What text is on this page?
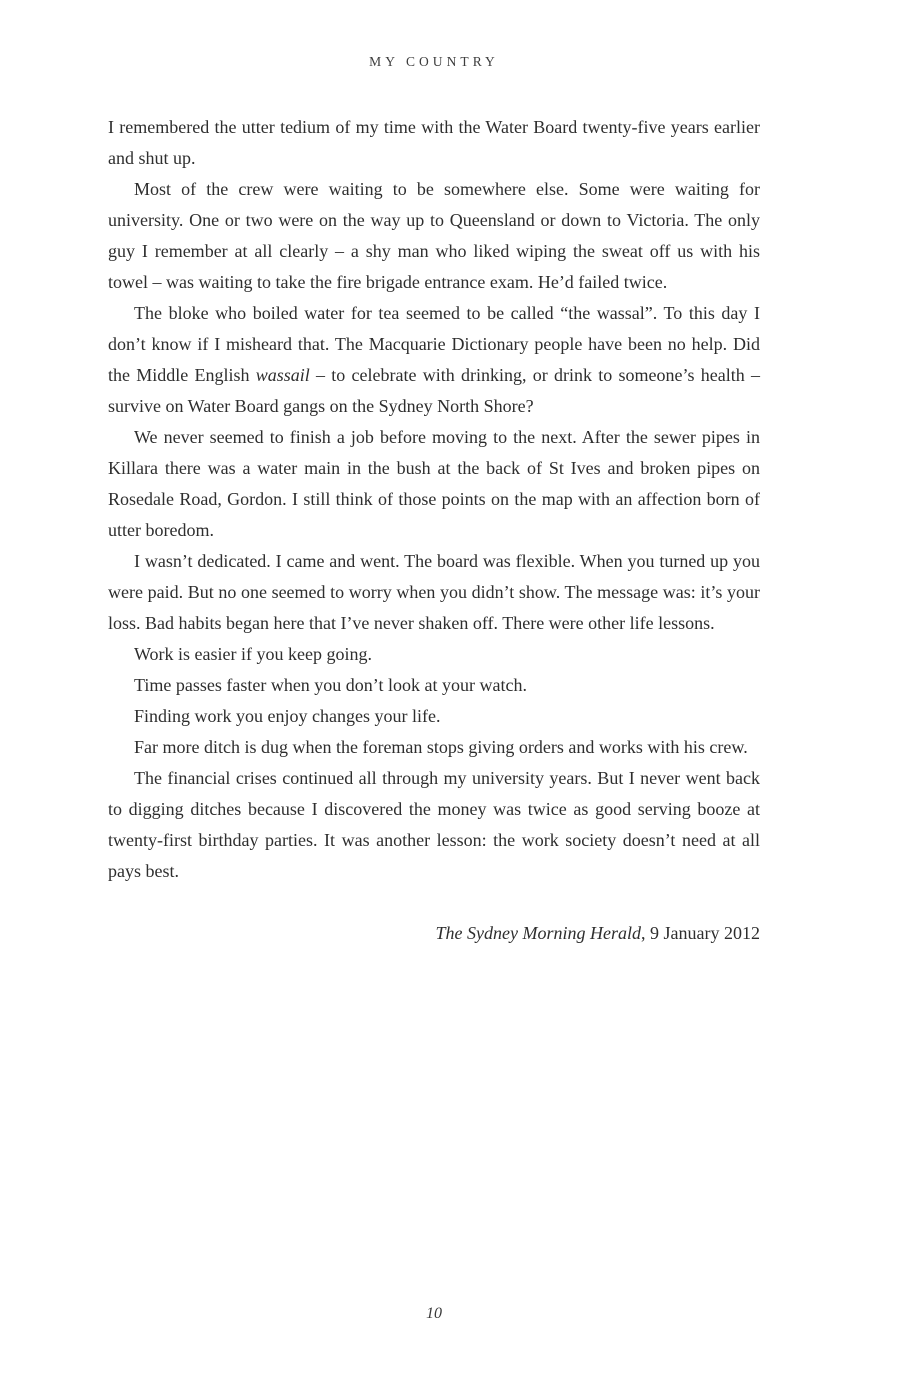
MY COUNTRY

I remembered the utter tedium of my time with the Water Board twenty-five years earlier and shut up.

Most of the crew were waiting to be somewhere else. Some were waiting for university. One or two were on the way up to Queensland or down to Victoria. The only guy I remember at all clearly – a shy man who liked wiping the sweat off us with his towel – was waiting to take the fire brigade entrance exam. He’d failed twice.

The bloke who boiled water for tea seemed to be called “the wassal”. To this day I don’t know if I misheard that. The Macquarie Dictionary people have been no help. Did the Middle English wassail – to celebrate with drinking, or drink to someone’s health – survive on Water Board gangs on the Sydney North Shore?

We never seemed to finish a job before moving to the next. After the sewer pipes in Killara there was a water main in the bush at the back of St Ives and broken pipes on Rosedale Road, Gordon. I still think of those points on the map with an affection born of utter boredom.

I wasn’t dedicated. I came and went. The board was flexible. When you turned up you were paid. But no one seemed to worry when you didn’t show. The message was: it’s your loss. Bad habits began here that I’ve never shaken off. There were other life lessons.

Work is easier if you keep going.

Time passes faster when you don’t look at your watch.

Finding work you enjoy changes your life.

Far more ditch is dug when the foreman stops giving orders and works with his crew.

The financial crises continued all through my university years. But I never went back to digging ditches because I discovered the money was twice as good serving booze at twenty-first birthday parties. It was another lesson: the work society doesn’t need at all pays best.

The Sydney Morning Herald, 9 January 2012
10
